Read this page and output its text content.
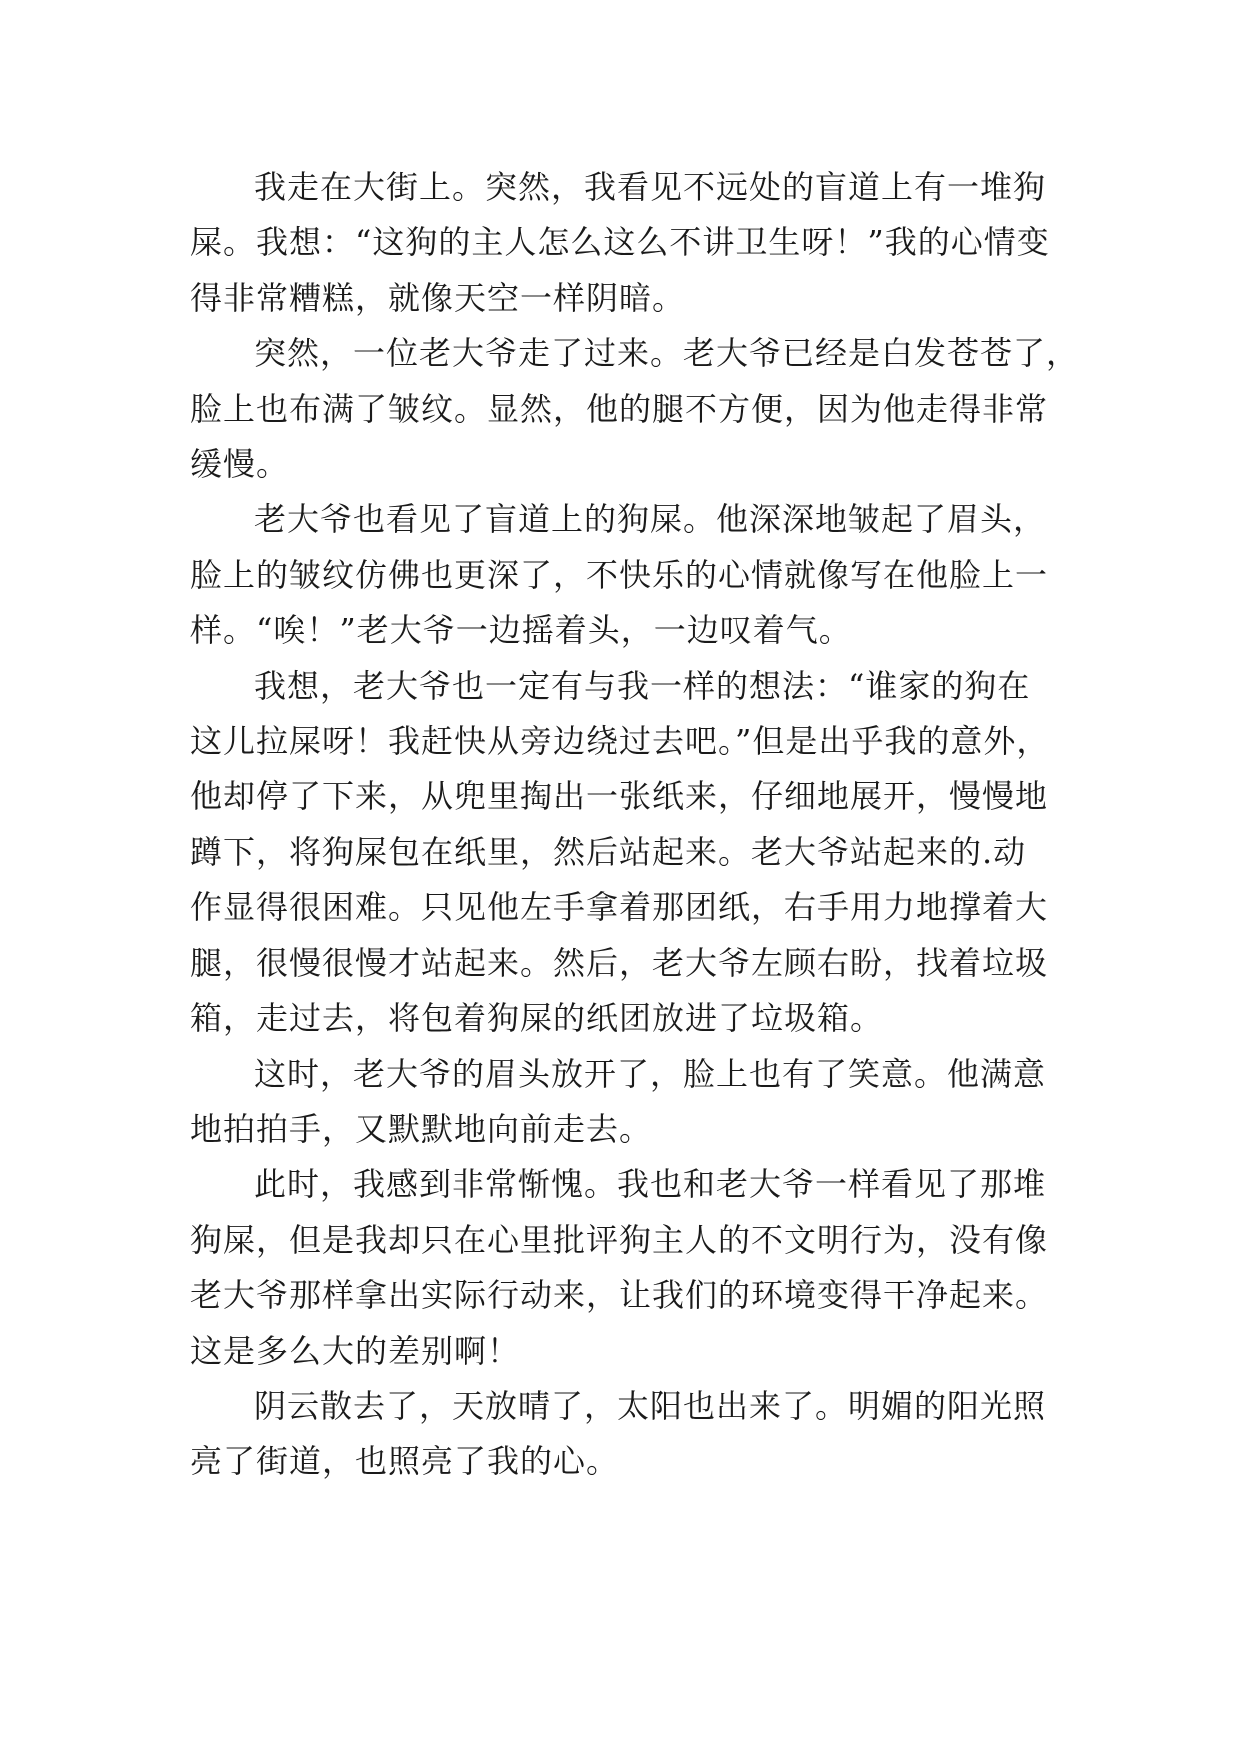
我走在大街上。突然，我看见不远处的盲道上有一堆狗
屎。我想：“这狗的主人怎么这么不讲卫生呀！”我的心情变
得非常糟糕，就像天空一样阴暗。
突然，一位老大爷走了过来。老大爷已经是白发苍苍了，
脸上也布满了皱纹。显然，他的腿不方便，因为他走得非常
缓慢。
老大爷也看见了盲道上的狗屎。他深深地皱起了眉头，
脸上的皱纹仿佛也更深了，不快乐的心情就像写在他脸上一
样。“唉！”老大爷一边摇着头，一边叹着气。
我想，老大爷也一定有与我一样的想法：“谁家的狗在
这儿拉屎呀！我赶快从旁边绕过去吧。”但是出乎我的意外，
他却停了下来，从兜里掏出一张纸来，仔细地展开，慢慢地
蹲下，将狗屎包在纸里，然后站起来。老大爷站起来的.动
作显得很困难。只见他左手拿着那团纸，右手用力地撑着大
腿，很慢很慢才站起来。然后，老大爷左顾右盼，找着垃圾
箱，走过去，将包着狗屎的纸团放进了垃圾箱。
这时，老大爷的眉头放开了，脸上也有了笑意。他满意
地拍拍手，又默默地向前走去。
此时，我感到非常惭愧。我也和老大爷一样看见了那堆
狗屎，但是我却只在心里批评狗主人的不文明行为，没有像
老大爷那样拿出实际行动来，让我们的环境变得干净起来。
这是多么大的差别啊！
阴云散去了，天放晴了，太阳也出来了。明媚的阳光照
亮了街道，也照亮了我的心。
